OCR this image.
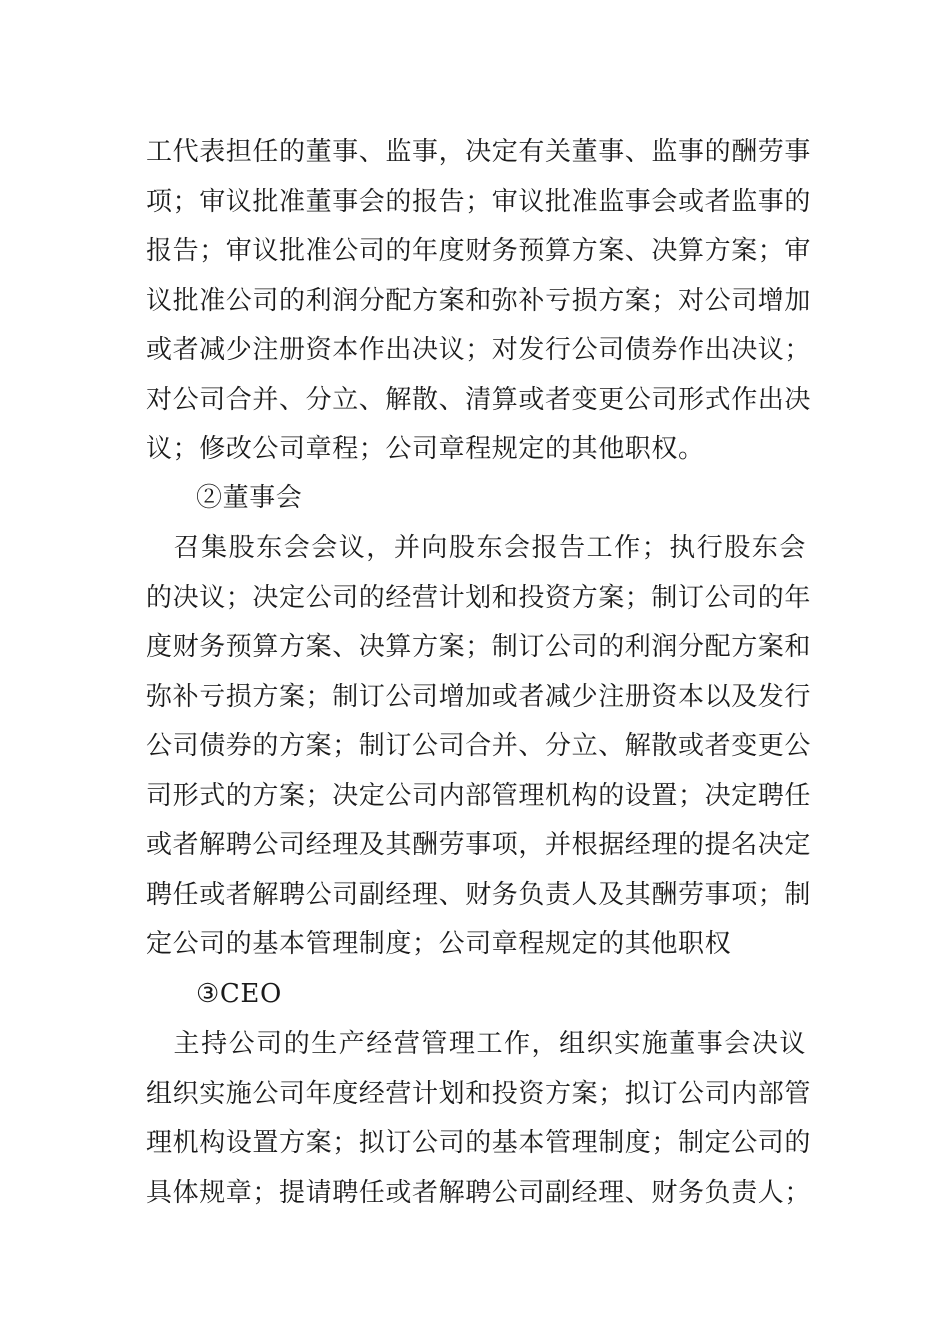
工代表担任的董事、监事，决定有关董事、监事的酬劳事
项；审议批准董事会的报告；审议批准监事会或者监事的
报告；审议批准公司的年度财务预算方案、决算方案；审
议批准公司的利润分配方案和弥补亏损方案；对公司增加
或者减少注册资本作出决议；对发行公司债券作出决议；
对公司合并、分立、解散、清算或者变更公司形式作出决
议；修改公司章程；公司章程规定的其他职权。
②董事会
　召集股东会会议，并向股东会报告工作；执行股东会
的决议；决定公司的经营计划和投资方案；制订公司的年
度财务预算方案、决算方案；制订公司的利润分配方案和
弥补亏损方案；制订公司增加或者减少注册资本以及发行
公司债券的方案；制订公司合并、分立、解散或者变更公
司形式的方案；决定公司内部管理机构的设置；决定聘任
或者解聘公司经理及其酬劳事项，并根据经理的提名决定
聘任或者解聘公司副经理、财务负责人及其酬劳事项；制
定公司的基本管理制度；公司章程规定的其他职权
③CEO
　主持公司的生产经营管理工作，组织实施董事会决议
组织实施公司年度经营计划和投资方案；拟订公司内部管
理机构设置方案；拟订公司的基本管理制度；制定公司的
具体规章；提请聘任或者解聘公司副经理、财务负责人；
